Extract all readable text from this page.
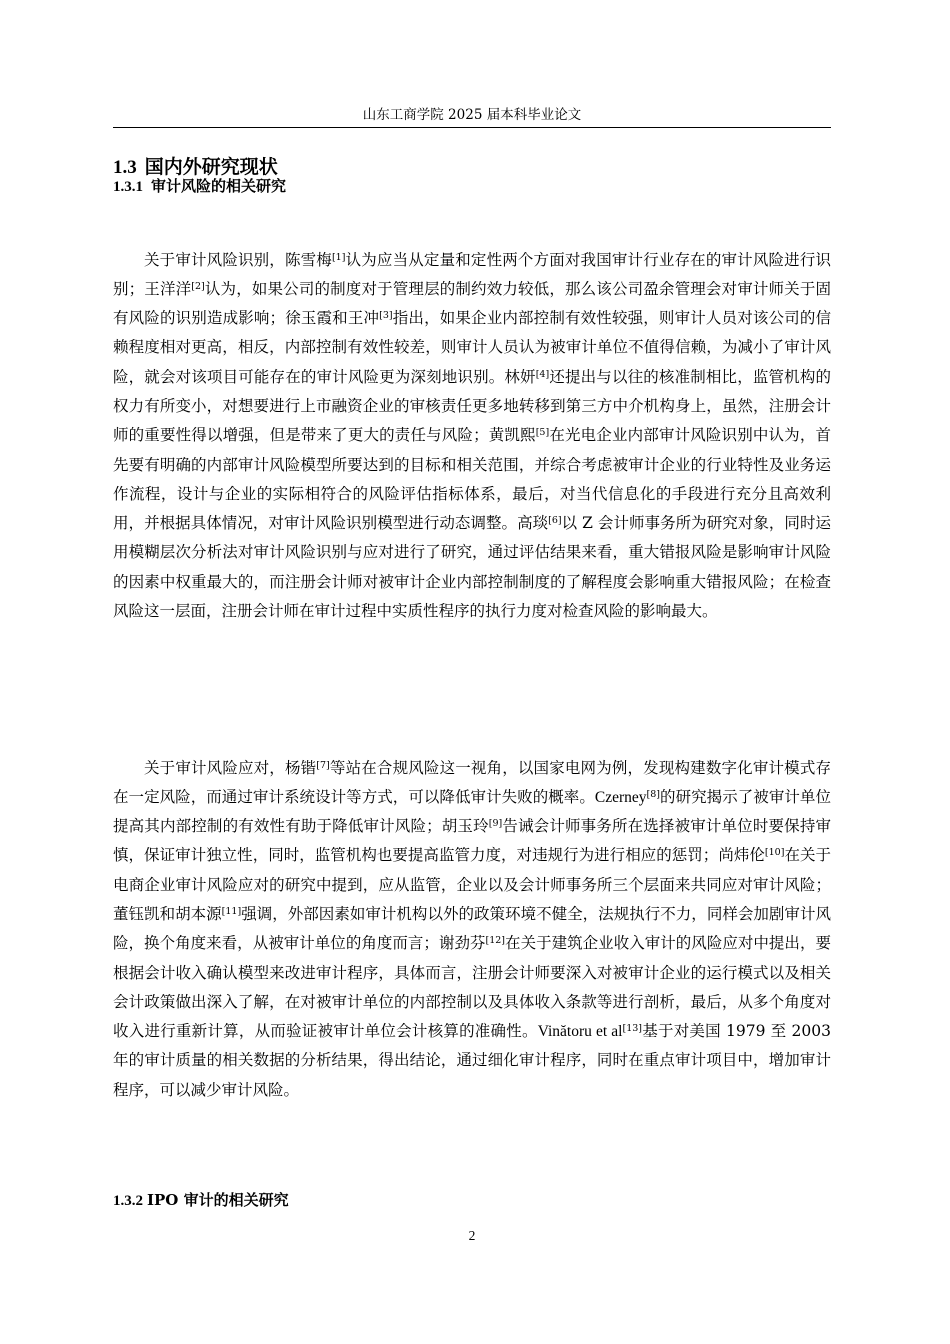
山东工商学院 2025 届本科毕业论文
1.3 国内外研究现状
1.3.1 审计风险的相关研究

关于审计风险识别，陈雪梅[1]认为应当从定量和定性两个方面对我国审计行业存在的审计风险进行识别；王洋洋[2]认为，如果公司的制度对于管理层的制约效力较低，那么该公司盈余管理会对审计师关于固有风险的识别造成影响；徐玉霞和王冲[3]指出，如果企业内部控制有效性较强，则审计人员对该公司的信赖程度相对更高，相反，内部控制有效性较差，则审计人员认为被审计单位不值得信赖，为减小了审计风险，就会对该项目可能存在的审计风险更为深刻地识别。林妍[4]还提出与以往的核准制相比，监管机构的权力有所变小，对想要进行上市融资企业的审核责任更多地转移到第三方中介机构身上，虽然，注册会计师的重要性得以增强，但是带来了更大的责任与风险；黄凯熙[5]在光电企业内部审计风险识别中认为，首先要有明确的内部审计风险模型所要达到的目标和相关范围，并综合考虑被审计企业的行业特性及业务运作流程，设计与企业的实际相符合的风险评估指标体系，最后，对当代信息化的手段进行充分且高效利用，并根据具体情况，对审计风险识别模型进行动态调整。高琰[6]以 Z 会计师事务所为研究对象，同时运用模糊层次分析法对审计风险识别与应对进行了研究，通过评估结果来看，重大错报风险是影响审计风险的因素中权重最大的，而注册会计师对被审计企业内部控制制度的了解程度会影响重大错报风险；在检查风险这一层面，注册会计师在审计过程中实质性程序的执行力度对检查风险的影响最大。

关于审计风险应对，杨锴[7]等站在合规风险这一视角，以国家电网为例，发现构建数字化审计模式存在一定风险，而通过审计系统设计等方式，可以降低审计失败的概率。Czerney[8]的研究揭示了被审计单位提高其内部控制的有效性有助于降低审计风险；胡玉玲[9]告诫会计师事务所在选择被审计单位时要保持审慎，保证审计独立性，同时，监管机构也要提高监管力度，对违规行为进行相应的惩罚；尚炜伦[10]在关于电商企业审计风险应对的研究中提到，应从监管，企业以及会计师事务所三个层面来共同应对审计风险；董钰凯和胡本源[11]强调，外部因素如审计机构以外的政策环境不健全，法规执行不力，同样会加剧审计风险，换个角度来看，从被审计单位的角度而言；谢劲芬[12]在关于建筑企业收入审计的风险应对中提出，要根据会计收入确认模型来改进审计程序，具体而言，注册会计师要深入对被审计企业的运行模式以及相关会计政策做出深入了解，在对被审计单位的内部控制以及具体收入条款等进行剖析，最后，从多个角度对收入进行重新计算，从而验证被审计单位会计核算的准确性。Vinătoru et al[13]基于对美国 1979 至 2003 年的审计质量的相关数据的分析结果，得出结论，通过细化审计程序，同时在重点审计项目中，增加审计程序，可以减少审计风险。

1.3.2 IPO 审计的相关研究
2
